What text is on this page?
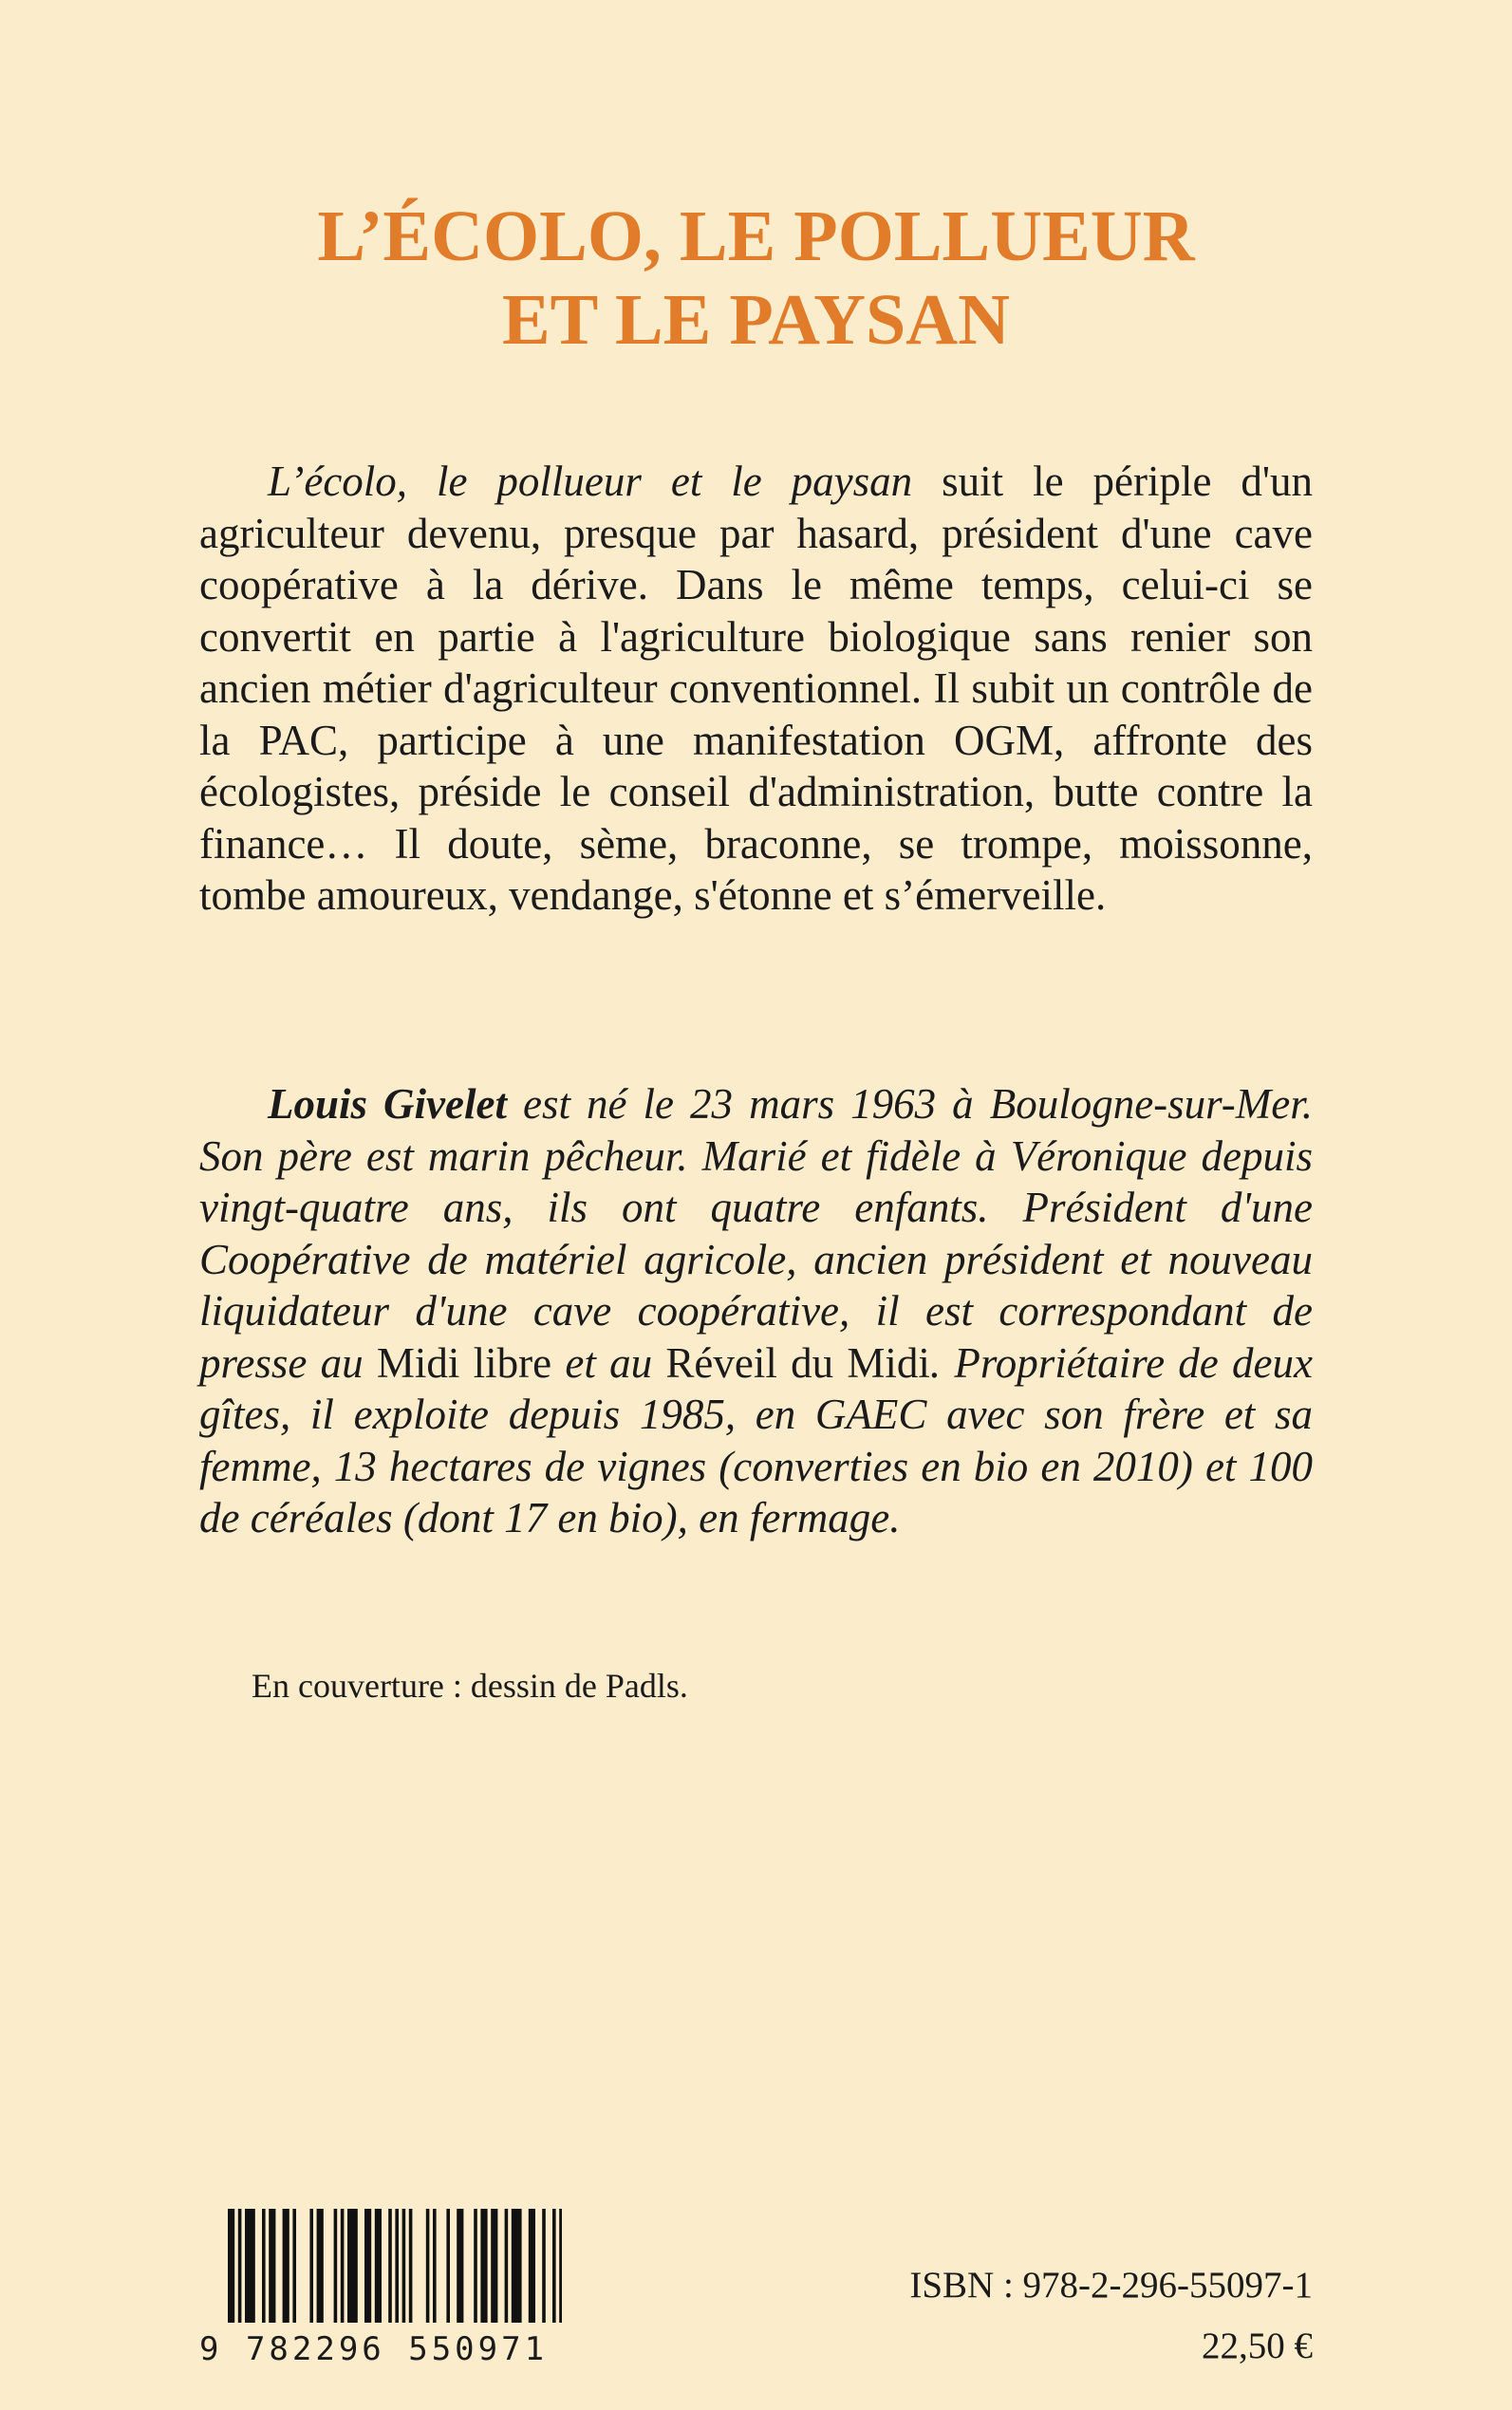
L’ÉCOLO, LE POLLUEUR
ET LE PAYSAN

L’écolo, le pollueur et le paysan suit le périple d'un agriculteur devenu, presque par hasard, président d'une cave coopérative à la dérive. Dans le même temps, celui-ci se convertit en partie à l'agriculture biologique sans renier son ancien métier d'agriculteur conventionnel. Il subit un contrôle de la PAC, participe à une manifestation OGM, affronte des écologistes, préside le conseil d'administration, butte contre la finance… Il doute, sème, braconne, se trompe, moissonne, tombe amoureux, vendange, s'étonne et s’émerveille.

Louis Givelet est né le 23 mars 1963 à Boulogne-sur-Mer. Son père est marin pêcheur. Marié et fidèle à Véronique depuis vingt-quatre ans, ils ont quatre enfants. Président d'une Coopérative de matériel agricole, ancien président et nouveau liquidateur d'une cave coopérative, il est correspondant de presse au Midi libre et au Réveil du Midi. Propriétaire de deux gîtes, il exploite depuis 1985, en GAEC avec son frère et sa femme, 13 hectares de vignes (converties en bio en 2010) et 100 de céréales (dont 17 en bio), en fermage.

En couverture : dessin de Padls.
9 782296 550971
ISBN : 978-2-296-55097-1
22,50 €
